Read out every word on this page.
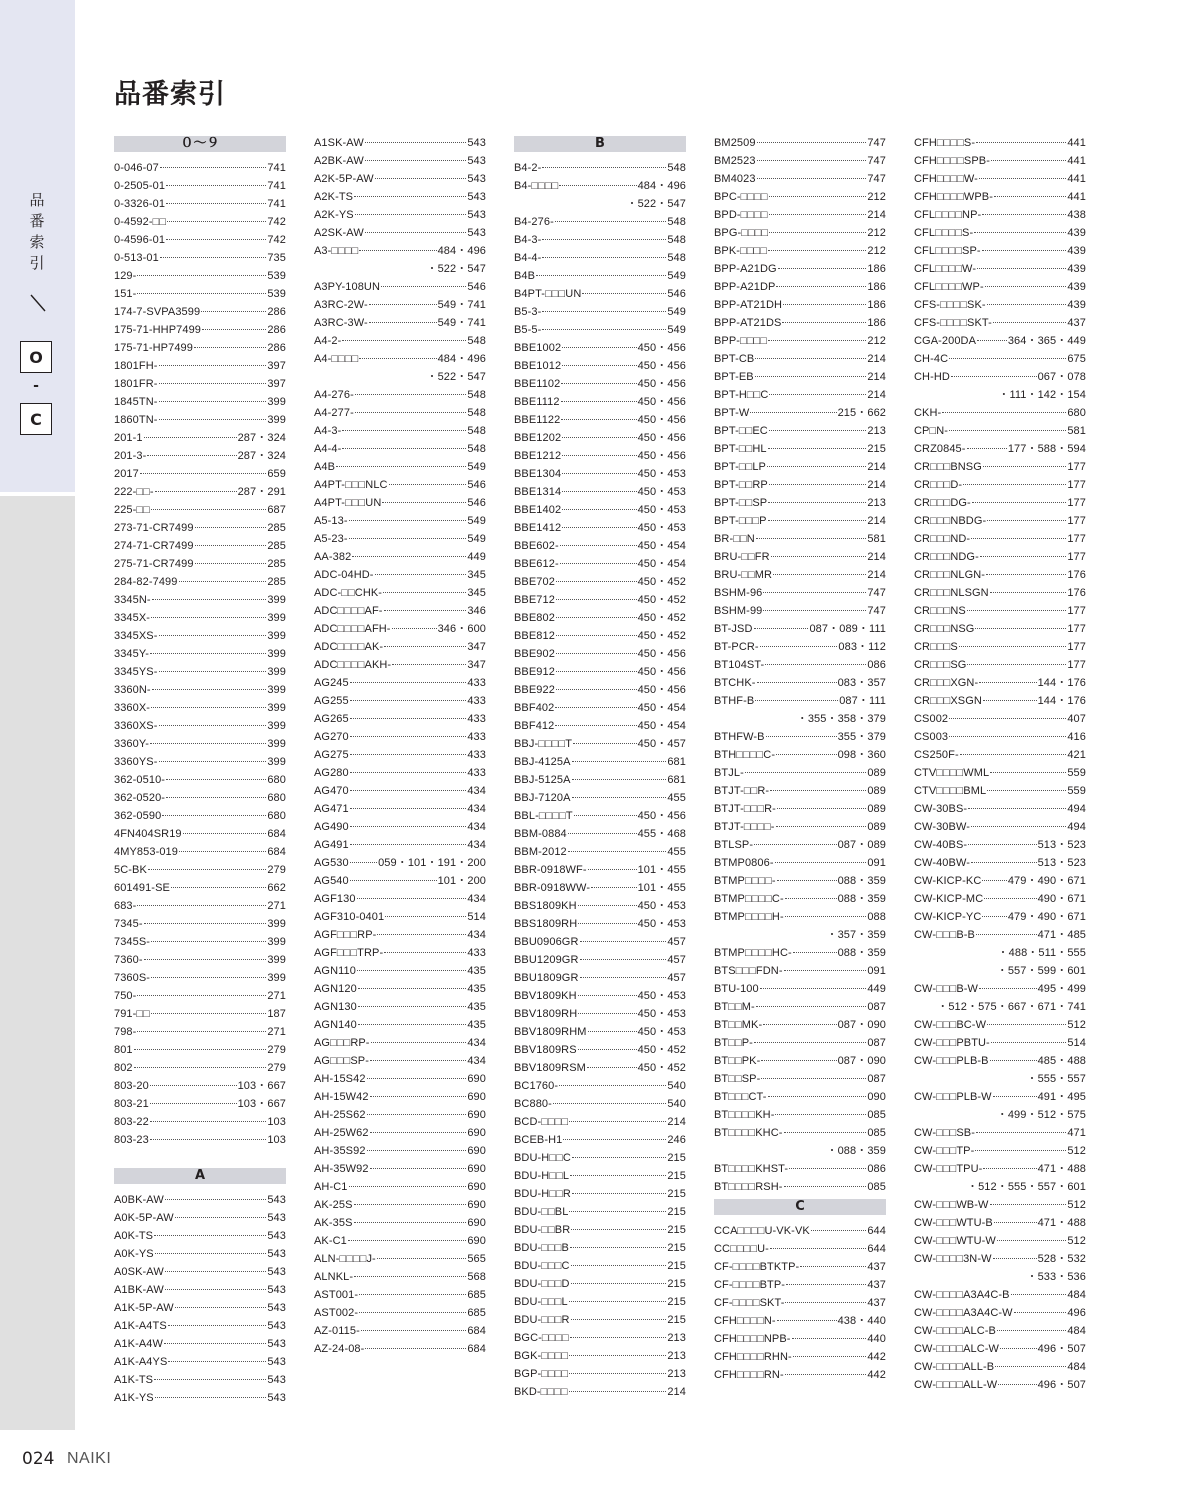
品番索引
O
-
C
品番索引
０～９
0-046-07	741
0-2505-01	741
0-3326-01	741
0-4592-□□	742
0-4596-01	742
0-513-01	735
129-	539
151-	539
174-7-SVPA3599	286
175-71-HHP7499	286
175-71-HP7499	286
1801FH-	397
1801FR-	397
1845TN-	399
1860TN-	399
201-1	287・324
201-3-	287・324
2017	659
222-□□-	287・291
225-□□	687
273-71-CR7499	285
274-71-CR7499	285
275-71-CR7499	285
284-82-7499	285
3345N-	399
3345X-	399
3345XS-	399
3345Y-	399
3345YS-	399
3360N-	399
3360X-	399
3360XS-	399
3360Y-	399
3360YS-	399
362-0510-	680
362-0520-	680
362-0590	680
4FN404SR19	684
4MY853-019	684
5C-BK	279
601491-SE	662
683-	271
7345-	399
7345S-	399
7360-	399
7360S-	399
750-	271
791-□□	187
798-	271
801	279
802	279
803-20	103・667
803-21	103・667
803-22	103
803-23	103
A
A0BK-AW	543
A0K-5P-AW	543
A0K-TS	543
A0K-YS	543
A0SK-AW	543
A1BK-AW	543
A1K-5P-AW	543
A1K-A4TS	543
A1K-A4W	543
A1K-A4YS	543
A1K-TS	543
A1K-YS	543
A1SK-AW	543
A2BK-AW	543
A2K-5P-AW	543
A2K-TS	543
A2K-YS	543
A2SK-AW	543
A3-□□□□	484・496
・522・547
A3PY-108UN	546
A3RC-2W-	549・741
A3RC-3W-	549・741
A4-2-	548
A4-□□□□	484・496
・522・547
A4-276-	548
A4-277-	548
A4-3-	548
A4-4-	548
A4B	549
A4PT-□□□NLC	546
A4PT-□□□UN	546
A5-13-	549
A5-23-	549
AA-382	449
ADC-04HD-	345
ADC-□□CHK-	345
ADC□□□□AF-	346
ADC□□□□AFH-	346・600
ADC□□□□AK-	347
ADC□□□□AKH-	347
AG245	433
AG255	433
AG265	433
AG270	433
AG275	433
AG280	433
AG470	434
AG471	434
AG490	434
AG491	434
AG530	059・101・191・200
AG540	101・200
AGF130	434
AGF310-0401	514
AGF□□□RP-	434
AGF□□□TRP-	433
AGN110	435
AGN120	435
AGN130	435
AGN140	435
AG□□□RP-	434
AG□□□SP-	434
AH-15S42	690
AH-15W42	690
AH-25S62	690
AH-25W62	690
AH-35S92	690
AH-35W92	690
AH-C1	690
AK-25S	690
AK-35S	690
AK-C1	690
ALN-□□□□J-	565
ALNKL-	568
AST001-	685
AST002-	685
AZ-0115-	684
AZ-24-08-	684
B
B4-2-	548
B4-□□□□	484・496
・522・547
B4-276-	548
B4-3-	548
B4-4-	548
B4B	549
B4PT-□□□UN	546
B5-3-	549
B5-5-	549
BBE1002	450・456
BBE1012	450・456
BBE1102	450・456
BBE1112	450・456
BBE1122	450・456
BBE1202	450・456
BBE1212	450・456
BBE1304	450・453
BBE1314	450・453
BBE1402	450・453
BBE1412	450・453
BBE602-	450・454
BBE612-	450・454
BBE702	450・452
BBE712	450・452
BBE802	450・452
BBE812	450・452
BBE902	450・456
BBE912	450・456
BBE922	450・456
BBF402	450・454
BBF412	450・454
BBJ-□□□□T	450・457
BBJ-4125A	681
BBJ-5125A	681
BBJ-7120A	455
BBL-□□□□T	450・456
BBM-0884	455・468
BBM-2012	455
BBR-0918WF-	101・455
BBR-0918WW-	101・455
BBS1809KH	450・453
BBS1809RH	450・453
BBU0906GR	457
BBU1209GR	457
BBU1809GR	457
BBV1809KH	450・453
BBV1809RH	450・453
BBV1809RHM	450・453
BBV1809RS	450・452
BBV1809RSM	450・452
BC1760-	540
BC880-	540
BCD-□□□□	214
BCEB-H1	246
BDU-H□□C	215
BDU-H□□L	215
BDU-H□□R	215
BDU-□□BL	215
BDU-□□BR	215
BDU-□□□B	215
BDU-□□□C	215
BDU-□□□D	215
BDU-□□□L	215
BDU-□□□R	215
BGC-□□□□	213
BGK-□□□□	213
BGP-□□□□	213
BKD-□□□□	214
BM2509	747
BM2523	747
BM4023	747
BPC-□□□□	212
BPD-□□□□	214
BPG-□□□□	212
BPK-□□□□	212
BPP-A21DG	186
BPP-A21DP	186
BPP-AT21DH	186
BPP-AT21DS	186
BPP-□□□□	212
BPT-CB	214
BPT-EB	214
BPT-H□□C	214
BPT-W	215・662
BPT-□□EC	213
BPT-□□HL	215
BPT-□□LP	214
BPT-□□RP	214
BPT-□□SP	213
BPT-□□□P	214
BR-□□N	581
BRU-□□FR	214
BRU-□□MR	214
BSHM-96	747
BSHM-99	747
BT-JSD	087・089・111
BT-PCR-	083・112
BT104ST-	086
BTCHK-	083・357
BTHF-B	087・111
・355・358・379
BTHFW-B	355・379
BTH□□□□C-	098・360
BTJL-	089
BTJT-□□R-	089
BTJT-□□□R-	089
BTJT-□□□□-	089
BTLSP-	087・089
BTMP0806-	091
BTMP□□□□-	088・359
BTMP□□□□C-	088・359
BTMP□□□□H-	088
・357・359
BTMP□□□□HC-	088・359
BTS□□□FDN-	091
BTU-100	449
BT□□M-	087
BT□□MK-	087・090
BT□□P-	087
BT□□PK-	087・090
BT□□SP-	087
BT□□□CT-	090
BT□□□□KH-	085
BT□□□□KHC-	085
・088・359
BT□□□□KHST-	086
BT□□□□RSH-	085
C
CCA□□□□U-VK-VK	644
CC□□□□U-	644
CF-□□□□BTKTP-	437
CF-□□□□BTP-	437
CF-□□□□SKT-	437
CFH□□□□N-	438・440
CFH□□□□NPB-	440
CFH□□□□RHN-	442
CFH□□□□RN-	442
CFH□□□□S-	441
CFH□□□□SPB-	441
CFH□□□□W-	441
CFH□□□□WPB-	441
CFL□□□□NP-	438
CFL□□□□S-	439
CFL□□□□SP-	439
CFL□□□□W-	439
CFL□□□□WP-	439
CFS-□□□□SK-	439
CFS-□□□□SKT-	437
CGA-200DA	364・365・449
CH-4C	675
CH-HD	067・078
・111・142・154
CKH-	680
CP□N-	581
CRZ0845-	177・588・594
CR□□□BNSG	177
CR□□□D-	177
CR□□□DG-	177
CR□□□NBDG-	177
CR□□□ND-	177
CR□□□NDG-	177
CR□□□NLGN-	176
CR□□□NLSGN	176
CR□□□NS	177
CR□□□NSG	177
CR□□□S	177
CR□□□SG	177
CR□□□XGN-	144・176
CR□□□XSGN	144・176
CS002	407
CS003	416
CS250F-	421
CTV□□□□WML	559
CTV□□□□BML	559
CW-30BS-	494
CW-30BW-	494
CW-40BS-	513・523
CW-40BW-	513・523
CW-KICP-KC 479・490・671
CW-KICP-MC	490・671
CW-KICP-YC 479・490・671
CW-□□□B-B	471・485
・488・511・555
・557・599・601
CW-□□□B-W	495・499
・512・575・667・671・741
CW-□□□BC-W	512
CW-□□□PBTU-	514
CW-□□□PLB-B	485・488
・555・557
CW-□□□PLB-W	491・495
・499・512・575
CW-□□□SB-	471
CW-□□□TP-	512
CW-□□□TPU-	471・488
・512・555・557・601
CW-□□□WB-W	512
CW-□□□WTU-B	471・488
CW-□□□WTU-W	512
CW-□□□□3N-W	528・532
・533・536
CW-□□□□A3A4C-B	484
CW-□□□□A3A4C-W	496
CW-□□□□ALC-B	484
CW-□□□□ALC-W	496・507
CW-□□□□ALL-B	484
CW-□□□□ALL-W	496・507
024 NAIKI
